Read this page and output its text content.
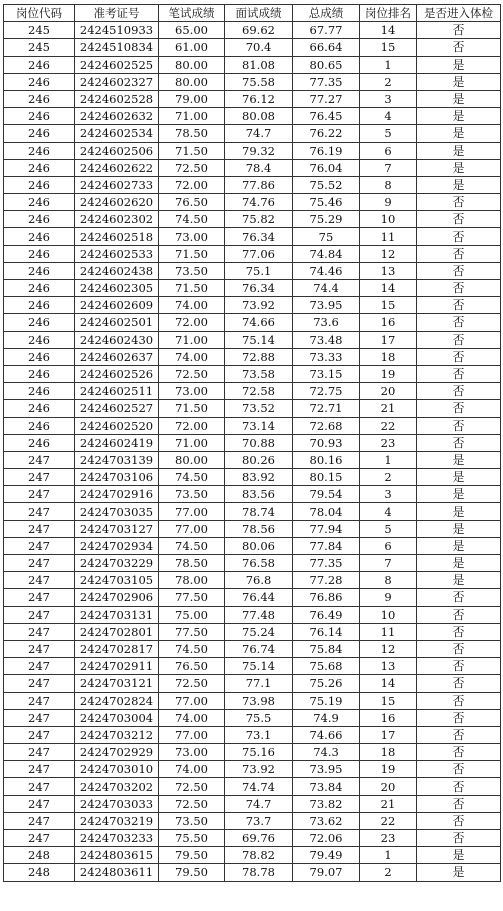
岗位代码	准考证号	笔试成绩	面试成绩	总成绩	岗位排名	是否进入体检
245	2424510933	65.00	69.62	67.77	14	否
245	2424510834	61.00	70.4	66.64	15	否
246	2424602525	80.00	81.08	80.65	1	是
246	2424602327	80.00	75.58	77.35	2	是
246	2424602528	79.00	76.12	77.27	3	是
246	2424602632	71.00	80.08	76.45	4	是
246	2424602534	78.50	74.7	76.22	5	是
246	2424602506	71.50	79.32	76.19	6	是
246	2424602622	72.50	78.4	76.04	7	是
246	2424602733	72.00	77.86	75.52	8	是
246	2424602620	76.50	74.76	75.46	9	否
246	2424602302	74.50	75.82	75.29	10	否
246	2424602518	73.00	76.34	75	11	否
246	2424602533	71.50	77.06	74.84	12	否
246	2424602438	73.50	75.1	74.46	13	否
246	2424602305	71.50	76.34	74.4	14	否
246	2424602609	74.00	73.92	73.95	15	否
246	2424602501	72.00	74.66	73.6	16	否
246	2424602430	71.00	75.14	73.48	17	否
246	2424602637	74.00	72.88	73.33	18	否
246	2424602526	72.50	73.58	73.15	19	否
246	2424602511	73.00	72.58	72.75	20	否
246	2424602527	71.50	73.52	72.71	21	否
246	2424602520	72.00	73.14	72.68	22	否
246	2424602419	71.00	70.88	70.93	23	否
247	2424703139	80.00	80.26	80.16	1	是
247	2424703106	74.50	83.92	80.15	2	是
247	2424702916	73.50	83.56	79.54	3	是
247	2424703035	77.00	78.74	78.04	4	是
247	2424703127	77.00	78.56	77.94	5	是
247	2424702934	74.50	80.06	77.84	6	是
247	2424703229	78.50	76.58	77.35	7	是
247	2424703105	78.00	76.8	77.28	8	是
247	2424702906	77.50	76.44	76.86	9	否
247	2424703131	75.00	77.48	76.49	10	否
247	2424702801	77.50	75.24	76.14	11	否
247	2424702817	74.50	76.74	75.84	12	否
247	2424702911	76.50	75.14	75.68	13	否
247	2424703121	72.50	77.1	75.26	14	否
247	2424702824	77.00	73.98	75.19	15	否
247	2424703004	74.00	75.5	74.9	16	否
247	2424703212	77.00	73.1	74.66	17	否
247	2424702929	73.00	75.16	74.3	18	否
247	2424703010	74.00	73.92	73.95	19	否
247	2424703202	72.50	74.74	73.84	20	否
247	2424703033	72.50	74.7	73.82	21	否
247	2424703219	73.50	73.7	73.62	22	否
247	2424703233	75.50	69.76	72.06	23	否
248	2424803615	79.50	78.82	79.49	1	是
248	2424803611	79.50	78.78	79.07	2	是
